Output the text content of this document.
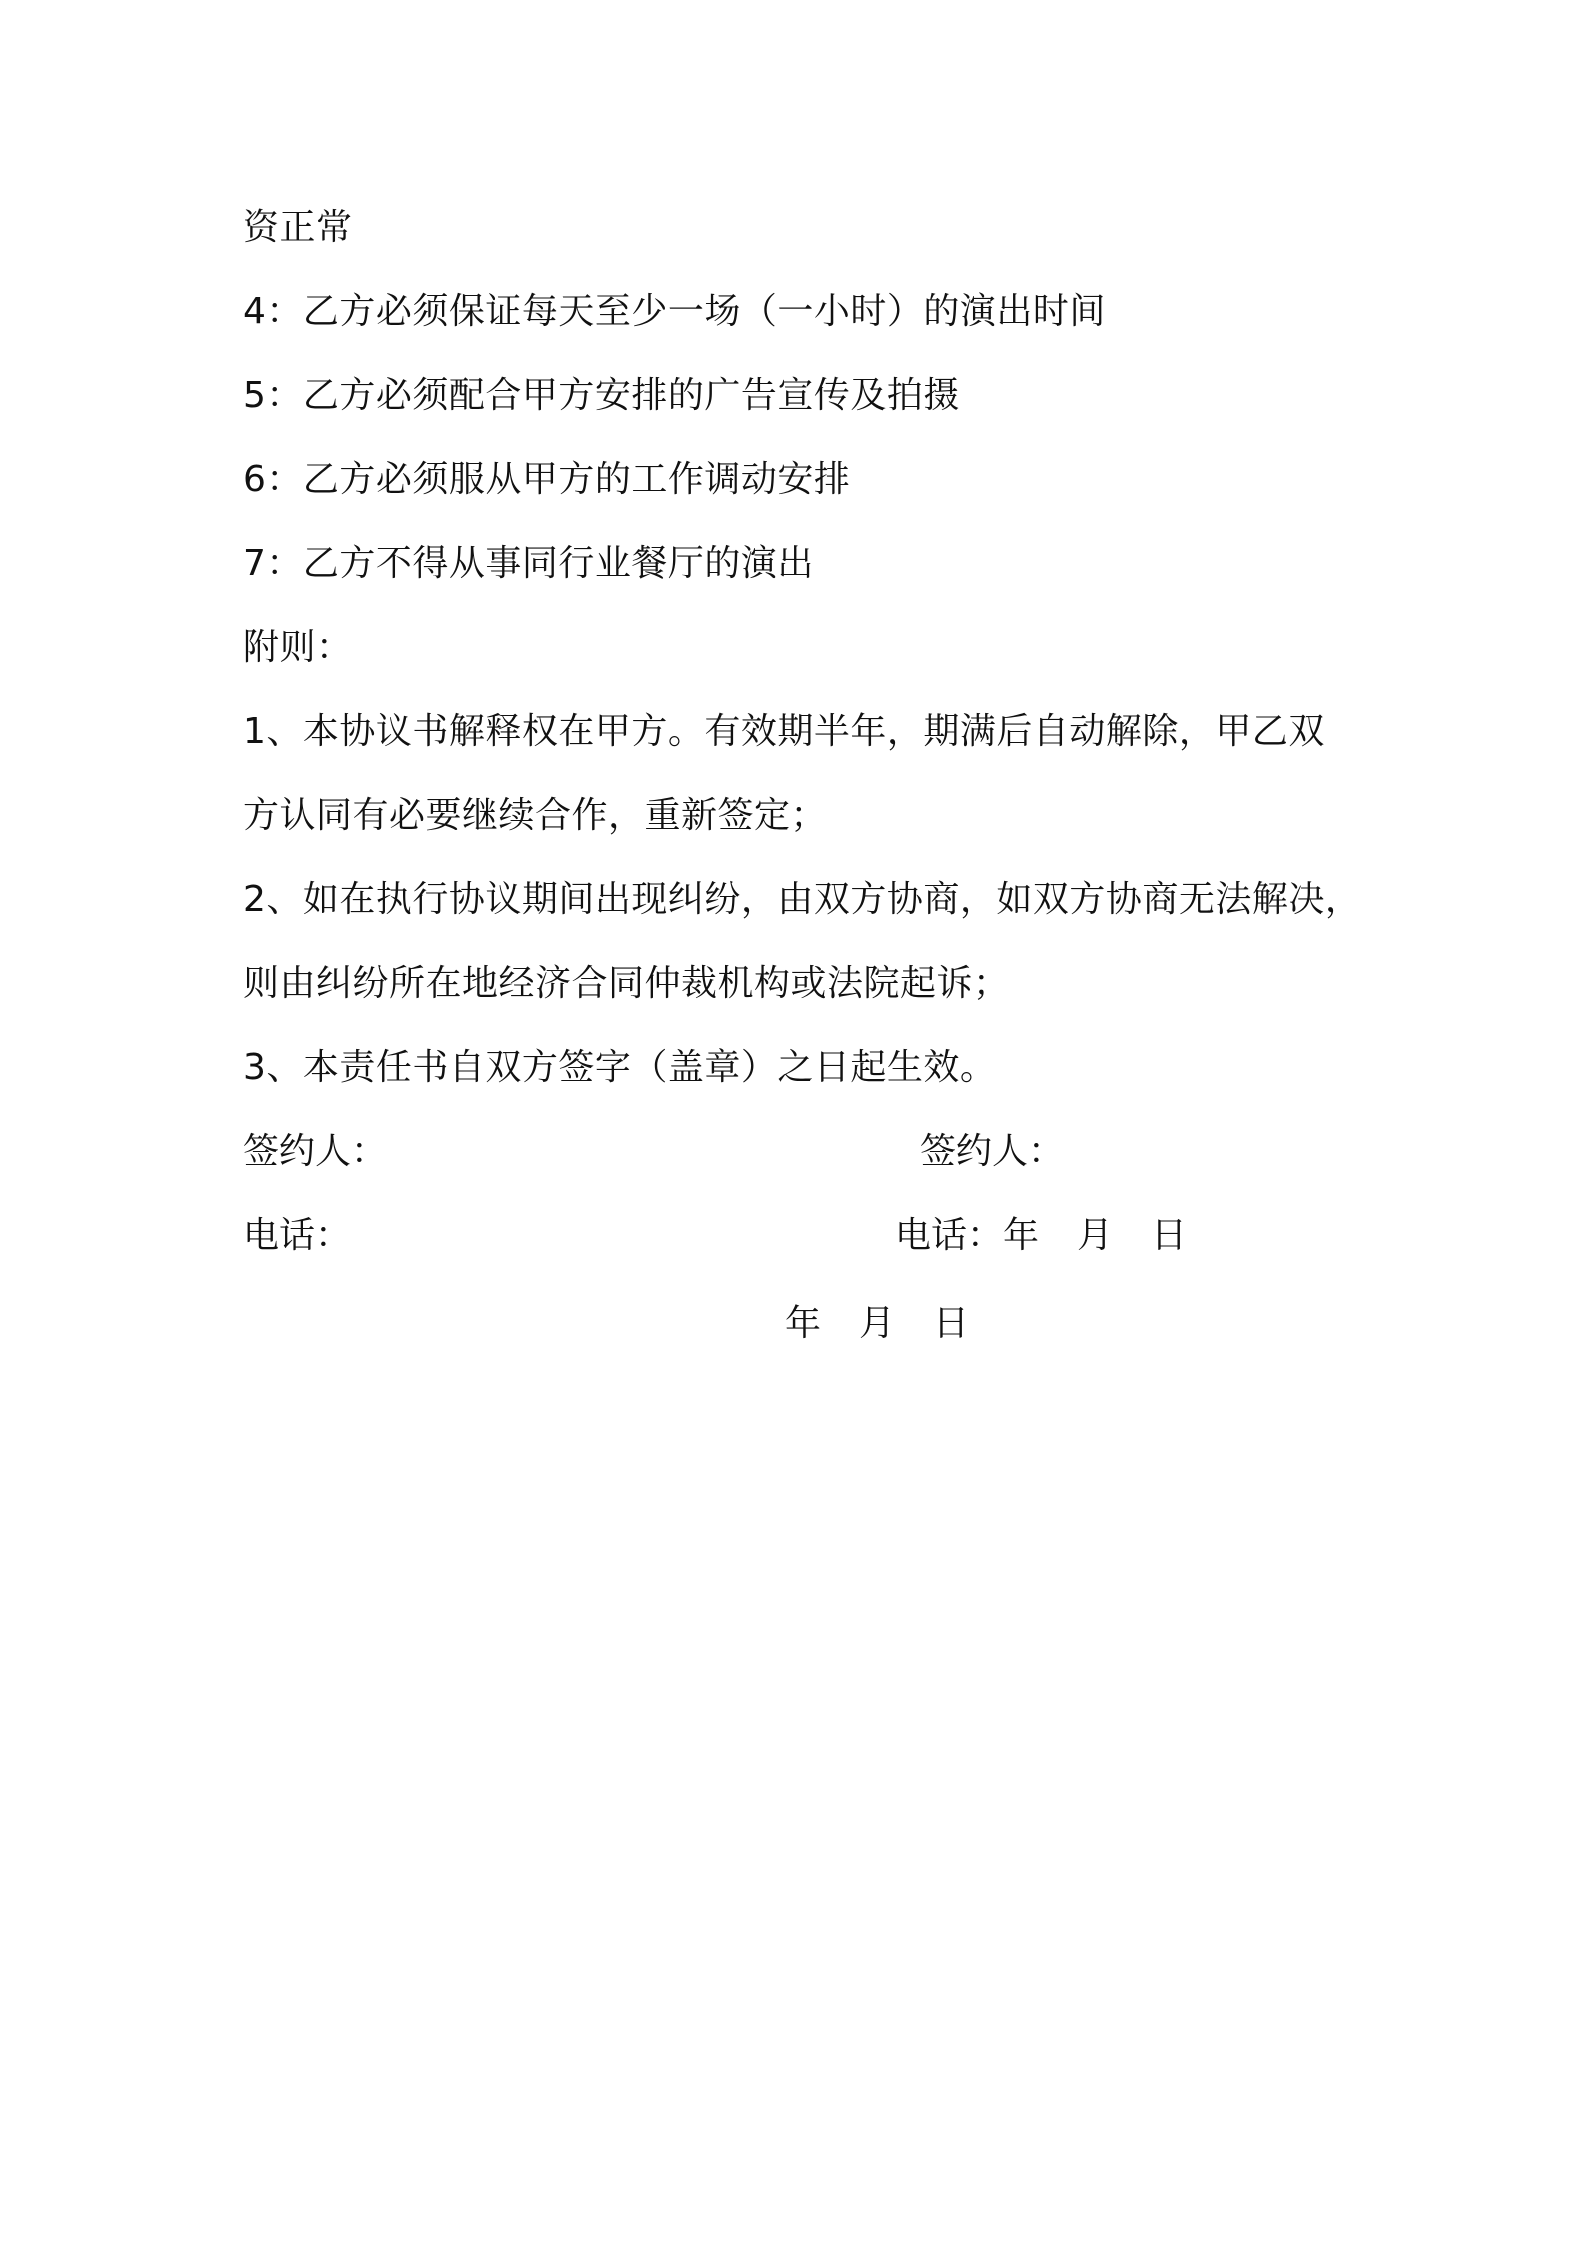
资正常
4：乙方必须保证每天至少一场（一小时）的演出时间
5：乙方必须配合甲方安排的广告宣传及拍摄
6：乙方必须服从甲方的工作调动安排
7：乙方不得从事同行业餐厅的演出
附则：
1、本协议书解释权在甲方。有效期半年，期满后自动解除，甲乙双
方认同有必要继续合作，重新签定；
2、如在执行协议期间出现纠纷，由双方协商，如双方协商无法解决，
则由纠纷所在地经济合同仲裁机构或法院起诉；
3、本责任书自双方签字（盖章）之日起生效。
签约人：	签约人：
电话：	电话：年 月 日
年 月 日
